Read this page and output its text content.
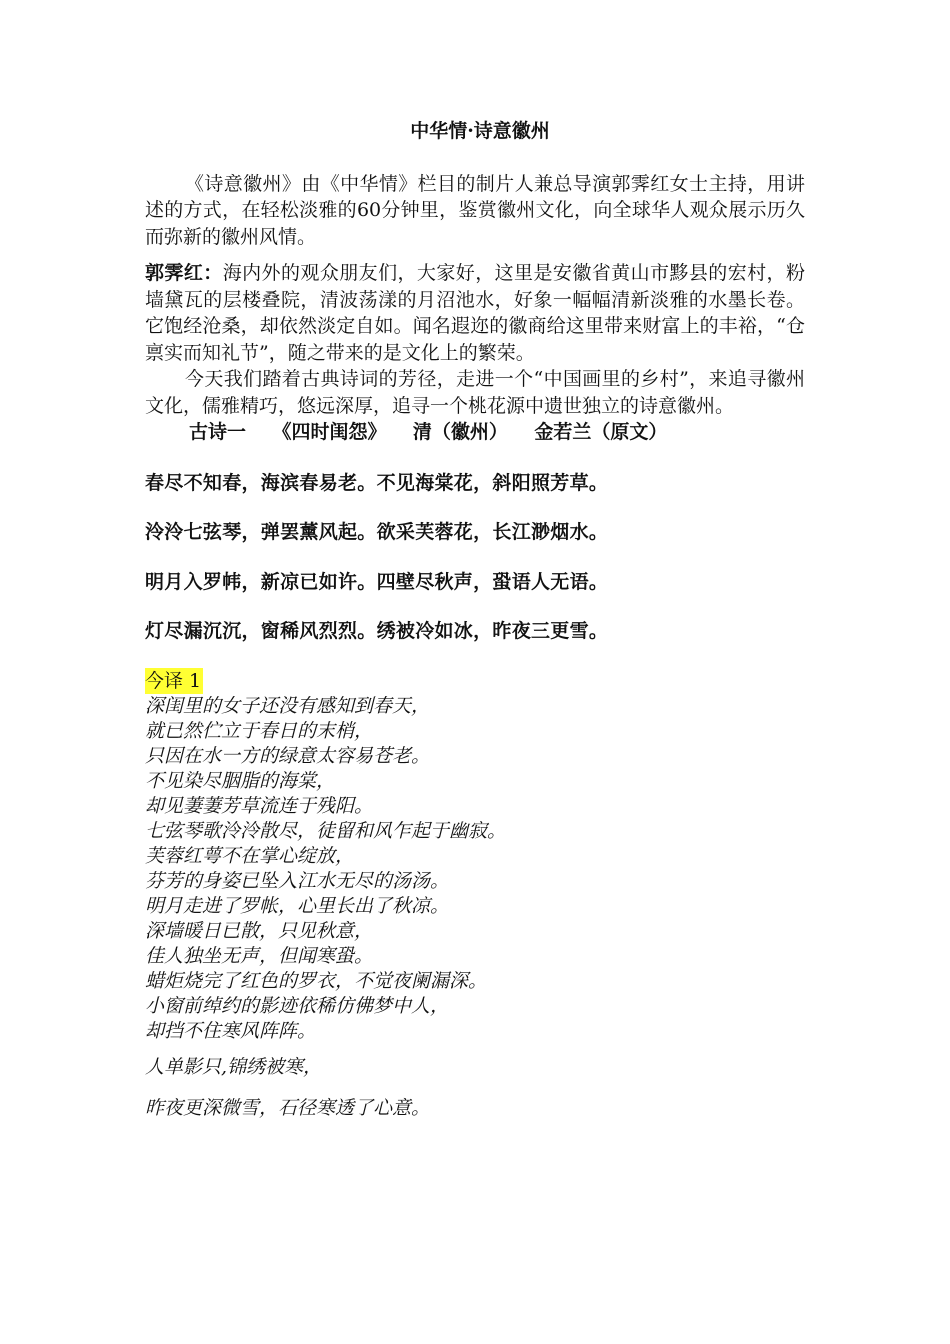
中华情·诗意徽州

《诗意徽州》由《中华情》栏目的制片人兼总导演郭霁红女士主持，用讲述的方式，在轻松淡雅的60分钟里，鉴赏徽州文化，向全球华人观众展示历久而弥新的徽州风情。

郭霁红：海内外的观众朋友们，大家好，这里是安徽省黄山市黟县的宏村，粉墙黛瓦的层楼叠院，清波荡漾的月沼池水，好象一幅幅清新淡雅的水墨长卷。它饱经沧桑，却依然淡定自如。闻名遐迩的徽商给这里带来财富上的丰裕，“仓禀实而知礼节”，随之带来的是文化上的繁荣。

今天我们踏着古典诗词的芳径，走进一个“中国画里的乡村”，来追寻徽州文化，儒雅精巧，悠远深厚，追寻一个桃花源中遗世独立的诗意徽州。

古诗一    《四时闺怨》    清（徽州）    金若兰（原文）

春尽不知春，海滨春易老。不见海棠花，斜阳照芳草。

泠泠七弦琴，弹罢薰风起。欲采芙蓉花，长江渺烟水。

明月入罗帏，新凉已如许。四壁尽秋声，蛩语人无语。

灯尽漏沉沉，窗稀风烈烈。绣被冷如冰，昨夜三更雪。

今译 1
深闺里的女子还没有感知到春天，
就已然伫立于春日的末梢，
只因在水一方的绿意太容易苍老。
不见染尽胭脂的海棠，
却见萋萋芳草流连于残阳。
七弦琴歌泠泠散尽，徒留和风乍起于幽寂。
芙蓉红萼不在掌心绽放，
芬芳的身姿已坠入江水无尽的汤汤。
明月走进了罗帐，心里长出了秋凉。
深墙暖日已散，只见秋意，
佳人独坐无声，但闻寒蛩。
蜡炬烧完了红色的罗衣，不觉夜阑漏深。
小窗前绰约的影迹依稀仿佛梦中人，
却挡不住寒风阵阵。

人单影只,锦绣被寒，

昨夜更深微雪，石径寒透了心意。
